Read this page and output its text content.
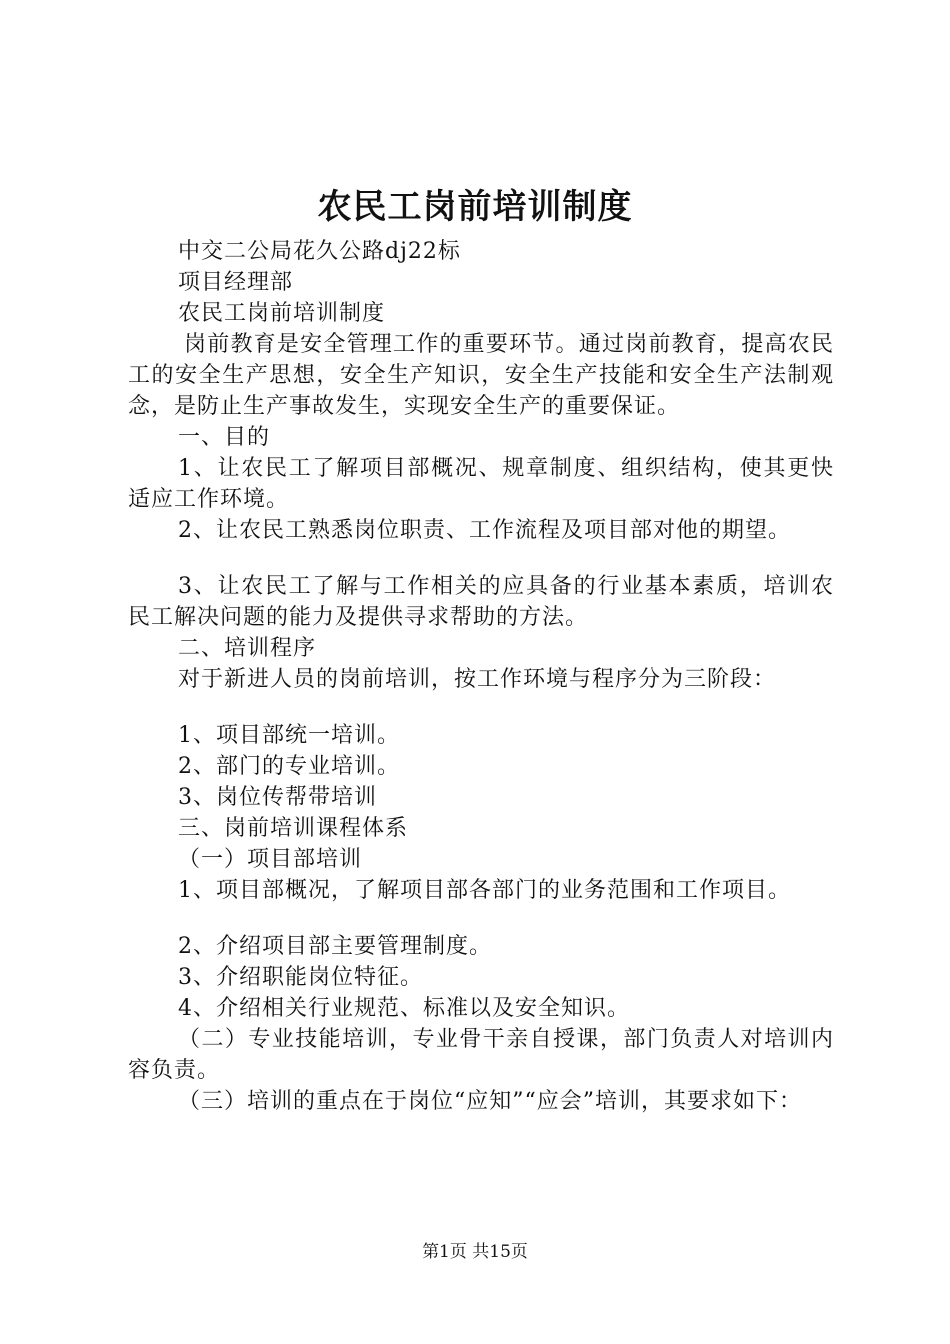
农民工岗前培训制度

中交二公局花久公路dj22标

项目经理部

农民工岗前培训制度

岗前教育是安全管理工作的重要环节。通过岗前教育，提高农民工的安全生产思想，安全生产知识，安全生产技能和安全生产法制观念，是防止生产事故发生，实现安全生产的重要保证。

一、目的

1、让农民工了解项目部概况、规章制度、组织结构，使其更快适应工作环境。

2、让农民工熟悉岗位职责、工作流程及项目部对他的期望。

3、让农民工了解与工作相关的应具备的行业基本素质，培训农民工解决问题的能力及提供寻求帮助的方法。

二、培训程序

对于新进人员的岗前培训，按工作环境与程序分为三阶段：

1、项目部统一培训。

2、部门的专业培训。

3、岗位传帮带培训

三、岗前培训课程体系

（一）项目部培训

1、项目部概况，了解项目部各部门的业务范围和工作项目。

2、介绍项目部主要管理制度。

3、介绍职能岗位特征。

4、介绍相关行业规范、标准以及安全知识。

（二）专业技能培训，专业骨干亲自授课，部门负责人对培训内容负责。

（三）培训的重点在于岗位“应知”“应会”培训，其要求如下：

第1页 共15页
